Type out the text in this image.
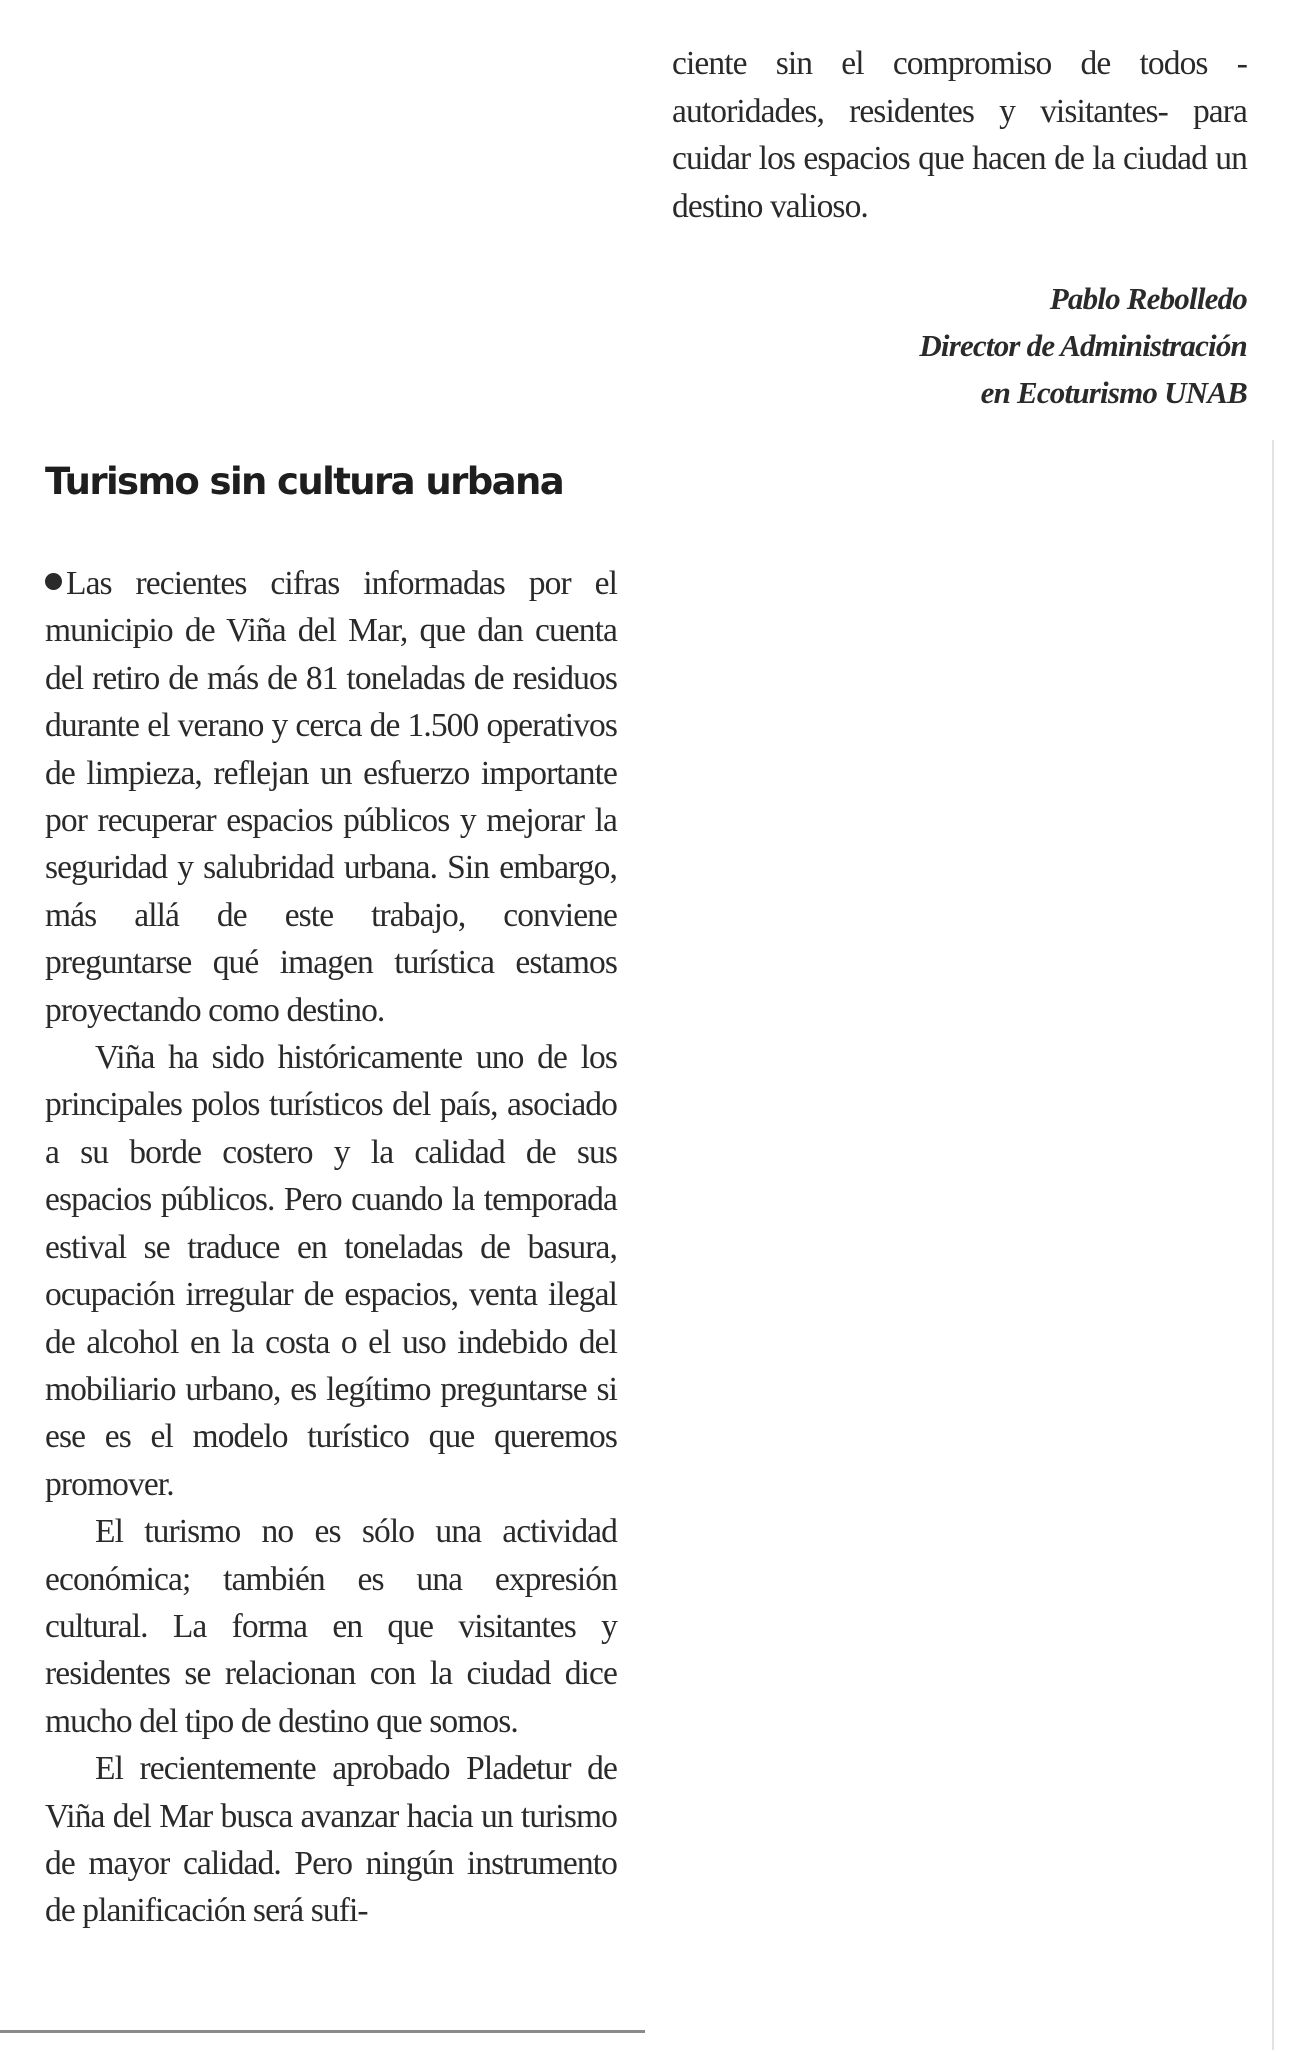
ciente sin el compromiso de todos -autoridades, residentes y visitantes- para cuidar los espacios que hacen de la ciudad un destino valioso.

Pablo Rebolledo
Director de Administración
en Ecoturismo UNAB
Turismo sin cultura urbana

Las recientes cifras informadas por el municipio de Viña del Mar, que dan cuenta del retiro de más de 81 toneladas de residuos durante el verano y cerca de 1.500 operativos de limpieza, reflejan un esfuerzo importante por recuperar espacios públicos y mejorar la seguridad y salubridad urbana. Sin embargo, más allá de este trabajo, conviene preguntarse qué imagen turística estamos proyectando como destino.

Viña ha sido históricamente uno de los principales polos turísticos del país, asociado a su borde costero y la calidad de sus espacios públicos. Pero cuando la temporada estival se traduce en toneladas de basura, ocupación irregular de espacios, venta ilegal de alcohol en la costa o el uso indebido del mobiliario urbano, es legítimo preguntarse si ese es el modelo turístico que queremos promover.

El turismo no es sólo una actividad económica; también es una expresión cultural. La forma en que visitantes y residentes se relacionan con la ciudad dice mucho del tipo de destino que somos.

El recientemente aprobado Pladetur de Viña del Mar busca avanzar hacia un turismo de mayor calidad. Pero ningún instrumento de planificación será sufi-
